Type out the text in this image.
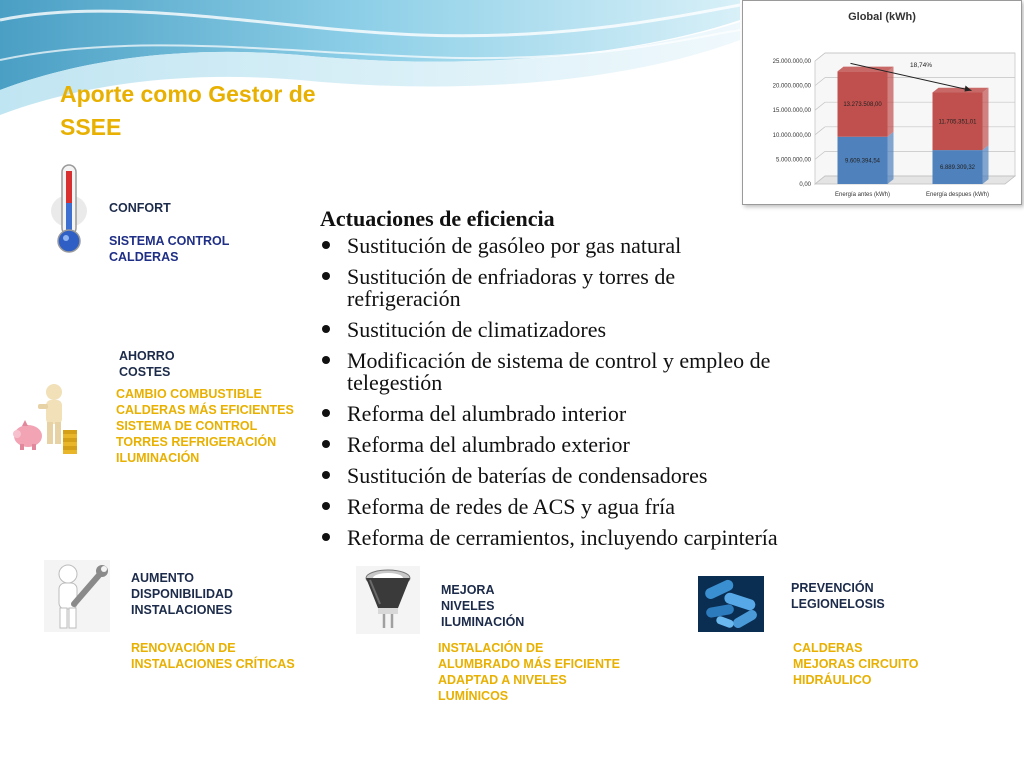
Aporte como Gestor de
SSEE
Global (kWh)
0,00
5.000.000,00
10.000.000,00
15.000.000,00
20.000.000,00
25.000.000,00
9.609.394,54
13.273.508,00
Energía antes (kWh)
6.889.309,32
11.705.351,01
Energía despues (kWh)
18,74%
CONFORT
SISTEMA CONTROL
CALDERAS
AHORRO
COSTES
CAMBIO COMBUSTIBLE
CALDERAS MÁS EFICIENTES
SISTEMA DE CONTROL
TORRES REFRIGERACIÓN
ILUMINACIÓN
Actuaciones de eficiencia
Sustitución de gasóleo por gas natural
Sustitución de enfriadoras y torres de
refrigeración
Sustitución de climatizadores
Modificación de sistema de control y empleo de
telegestión
Reforma del alumbrado interior
Reforma del alumbrado exterior
Sustitución de baterías de condensadores
Reforma de redes de ACS y agua fría
Reforma de cerramientos, incluyendo carpintería
AUMENTO
DISPONIBILIDAD
INSTALACIONES
RENOVACIÓN DE
INSTALACIONES CRÍTICAS
MEJORA
NIVELES
ILUMINACIÓN
INSTALACIÓN DE
ALUMBRADO MÁS EFICIENTE
ADAPTAD A NIVELES
LUMÍNICOS
PREVENCIÓN
LEGIONELOSIS
CALDERAS
MEJORAS CIRCUITO
HIDRÁULICO
